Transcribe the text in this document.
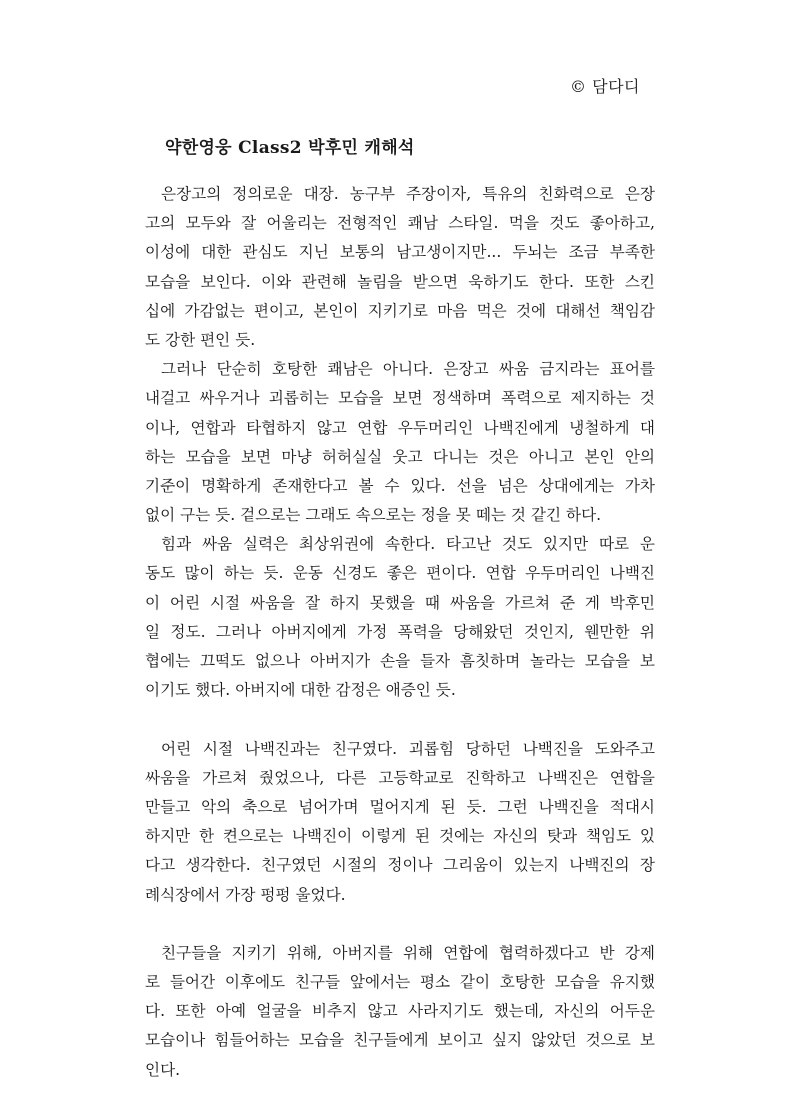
© 담다디
약한영웅 Class2 박후민 캐해석
은장고의 정의로운 대장. 농구부 주장이자, 특유의 친화력으로 은장
고의 모두와 잘 어울리는 전형적인 쾌남 스타일. 먹을 것도 좋아하고,
이성에 대한 관심도 지닌 보통의 남고생이지만... 두뇌는 조금 부족한
모습을 보인다. 이와 관련해 놀림을 받으면 욱하기도 한다. 또한 스킨
십에 가감없는 편이고, 본인이 지키기로 마음 먹은 것에 대해선 책임감
도 강한 편인 듯.
그러나 단순히 호탕한 쾌남은 아니다. 은장고 싸움 금지라는 표어를
내걸고 싸우거나 괴롭히는 모습을 보면 정색하며 폭력으로 제지하는 것
이나, 연합과 타협하지 않고 연합 우두머리인 나백진에게 냉철하게 대
하는 모습을 보면 마냥 허허실실 웃고 다니는 것은 아니고 본인 안의
기준이 명확하게 존재한다고 볼 수 있다. 선을 넘은 상대에게는 가차
없이 구는 듯. 겉으로는 그래도 속으로는 정을 못 떼는 것 같긴 하다.
힘과 싸움 실력은 최상위권에 속한다. 타고난 것도 있지만 따로 운
동도 많이 하는 듯. 운동 신경도 좋은 편이다. 연합 우두머리인 나백진
이 어린 시절 싸움을 잘 하지 못했을 때 싸움을 가르쳐 준 게 박후민
일 정도. 그러나 아버지에게 가정 폭력을 당해왔던 것인지, 웬만한 위
협에는 끄떡도 없으나 아버지가 손을 들자 흠칫하며 놀라는 모습을 보
이기도 했다. 아버지에 대한 감정은 애증인 듯.
어린 시절 나백진과는 친구였다. 괴롭힘 당하던 나백진을 도와주고
싸움을 가르쳐 줬었으나, 다른 고등학교로 진학하고 나백진은 연합을
만들고 악의 축으로 넘어가며 멀어지게 된 듯. 그런 나백진을 적대시
하지만 한 켠으로는 나백진이 이렇게 된 것에는 자신의 탓과 책임도 있
다고 생각한다. 친구였던 시절의 정이나 그리움이 있는지 나백진의 장
례식장에서 가장 펑펑 울었다.
친구들을 지키기 위해, 아버지를 위해 연합에 협력하겠다고 반 강제
로 들어간 이후에도 친구들 앞에서는 평소 같이 호탕한 모습을 유지했
다. 또한 아예 얼굴을 비추지 않고 사라지기도 했는데, 자신의 어두운
모습이나 힘들어하는 모습을 친구들에게 보이고 싶지 않았던 것으로 보
인다.
